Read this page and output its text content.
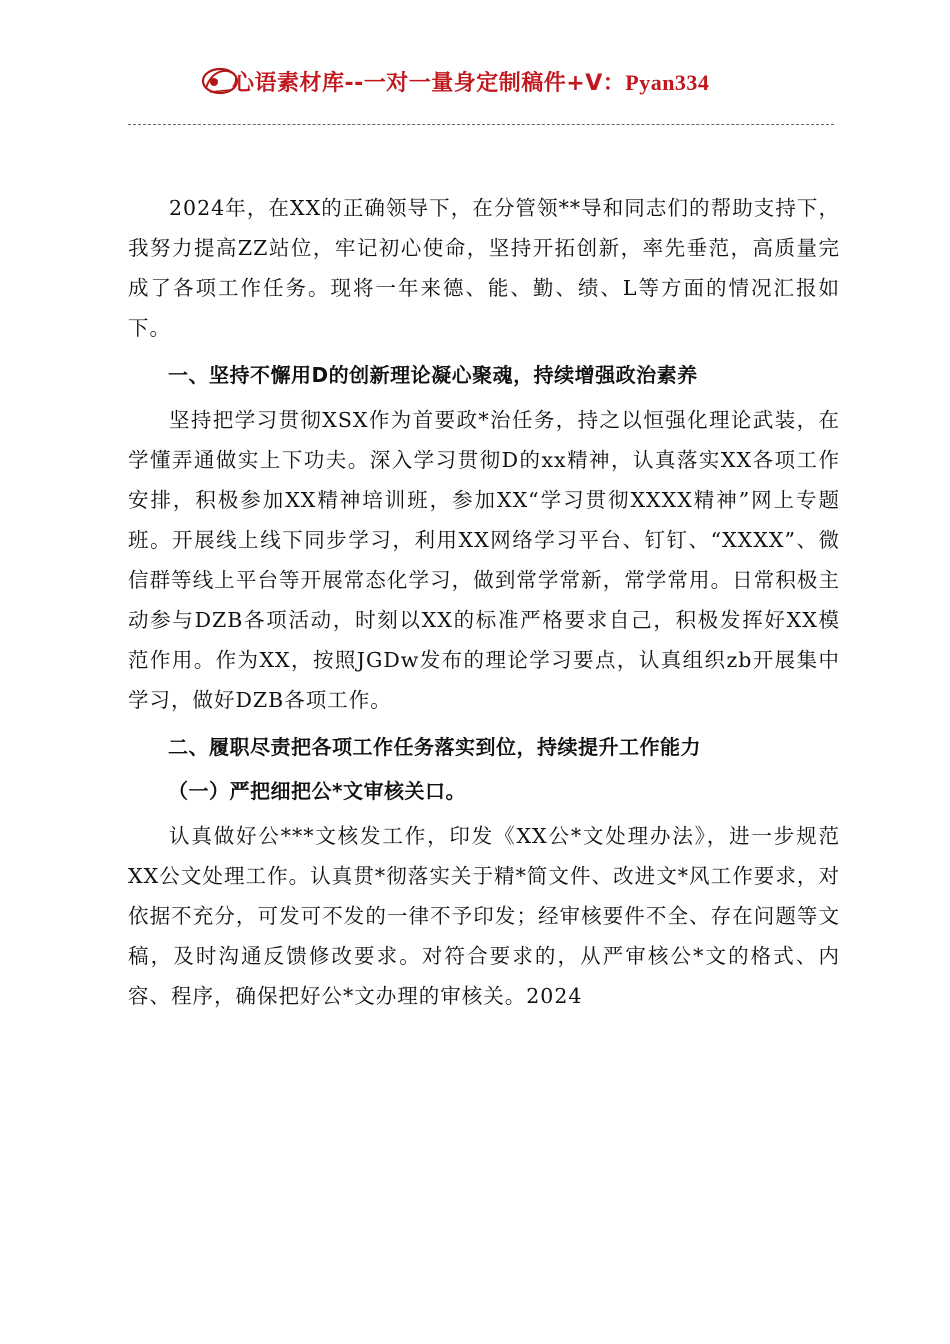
心语素材库--一对一量身定制稿件+V：Pyan334

2024年，在XX的正确领导下，在分管领**导和同志们的帮助支持下，我努力提高ZZ站位，牢记初心使命，坚持开拓创新，率先垂范，高质量完成了各项工作任务。现将一年来德、能、勤、绩、L等方面的情况汇报如下。

一、坚持不懈用D的创新理论凝心聚魂，持续增强政治素养

坚持把学习贯彻XSX作为首要政*治任务，持之以恒强化理论武装，在学懂弄通做实上下功夫。深入学习贯彻D的xx精神，认真落实XX各项工作安排，积极参加XX精神培训班，参加XX“学习贯彻XXXX精神”网上专题班。开展线上线下同步学习，利用XX网络学习平台、钉钉、“XXXX”、微信群等线上平台等开展常态化学习，做到常学常新，常学常用。日常积极主动参与DZB各项活动，时刻以XX的标准严格要求自己，积极发挥好XX模范作用。作为XX，按照JGDw发布的理论学习要点，认真组织zb开展集中学习，做好DZB各项工作。

二、履职尽责把各项工作任务落实到位，持续提升工作能力
（一）严把细把公*文审核关口。

认真做好公***文核发工作，印发《XX公*文处理办法》，进一步规范XX公文处理工作。认真贯*彻落实关于精*简文件、改进文*风工作要求，对依据不充分，可发可不发的一律不予印发；经审核要件不全、存在问题等文稿，及时沟通反馈修改要求。对符合要求的，从严审核公*文的格式、内容、程序，确保把好公*文办理的审核关。2024
